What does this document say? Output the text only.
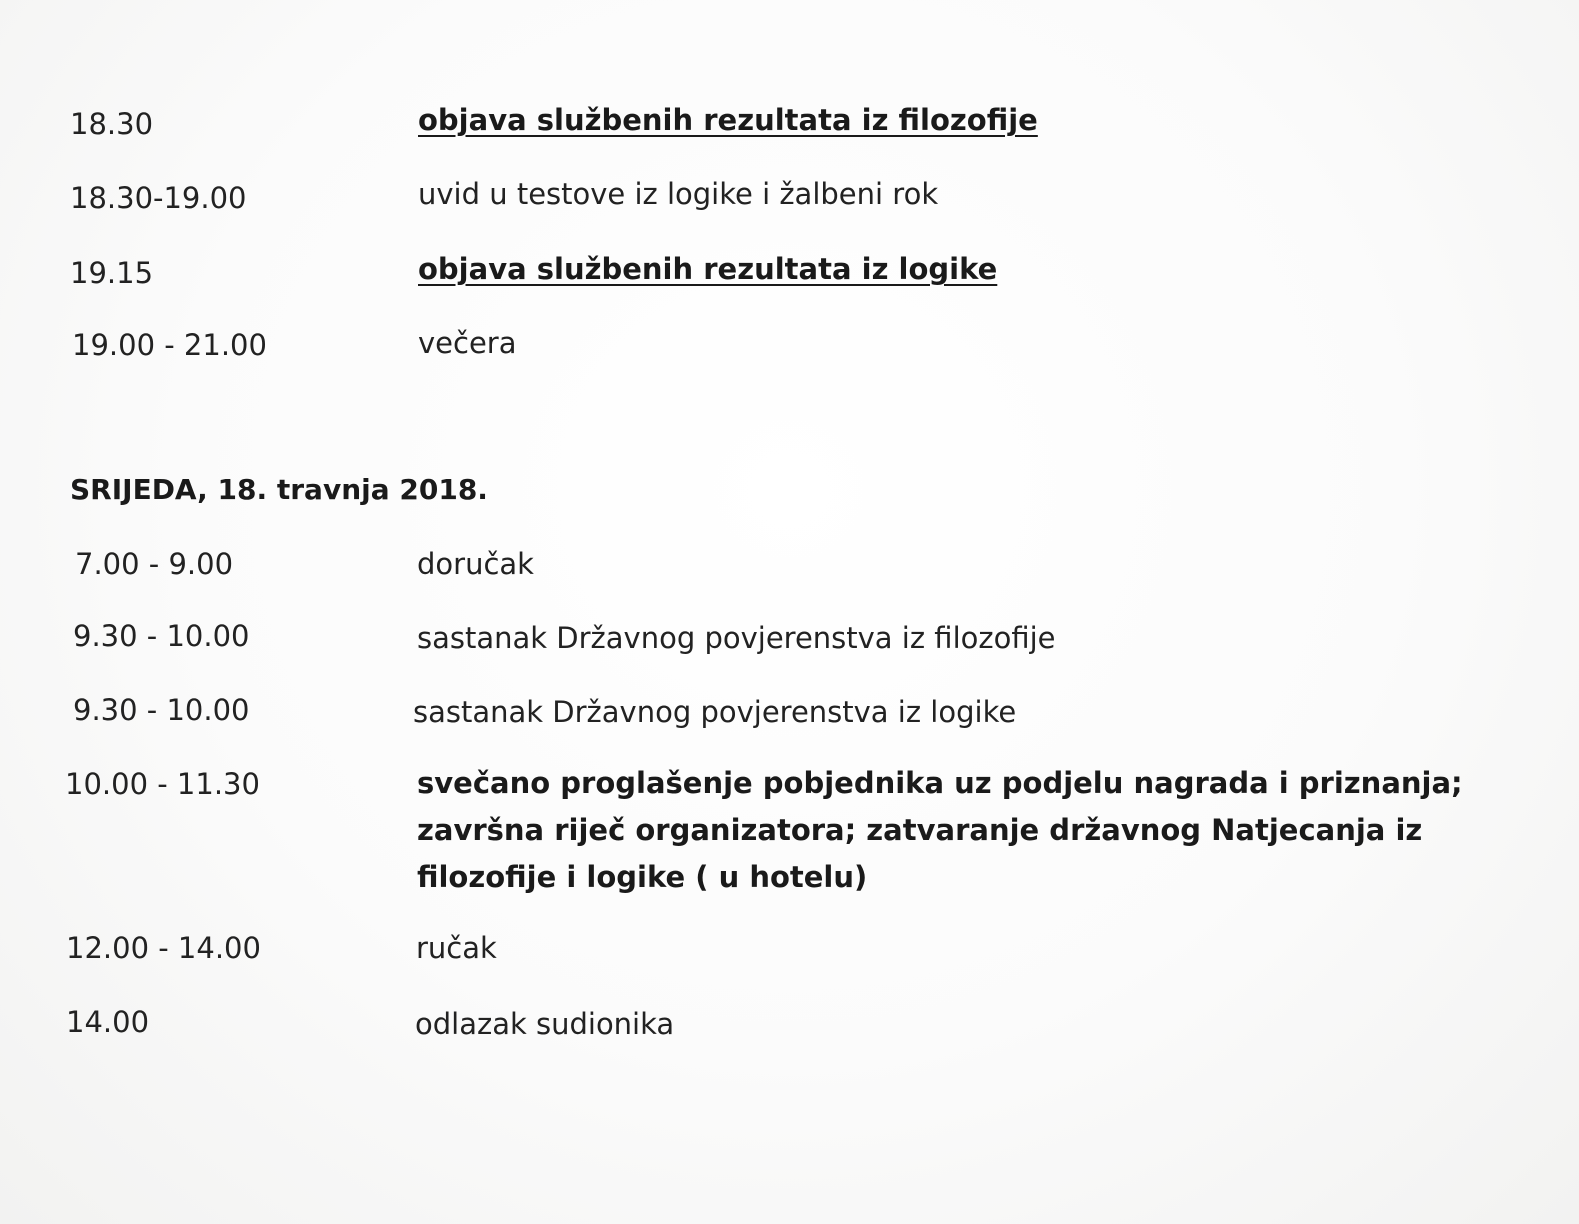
18.30	objava službenih rezultata iz filozofije
18.30-19.00	uvid u testove iz logike i žalbeni rok
19.15	objava službenih rezultata iz logike
19.00 - 21.00	večera
SRIJEDA, 18. travnja 2018.
7.00 - 9.00	doručak
9.30 - 10.00	sastanak Državnog povjerenstva iz filozofije
9.30 - 10.00	sastanak Državnog povjerenstva iz logike
10.00 - 11.30	svečano proglašenje pobjednika uz podjelu nagrada i priznanja; završna riječ organizatora; zatvaranje državnog Natjecanja iz filozofije i logike ( u hotelu)
12.00 - 14.00	ručak
14.00	odlazak sudionika
